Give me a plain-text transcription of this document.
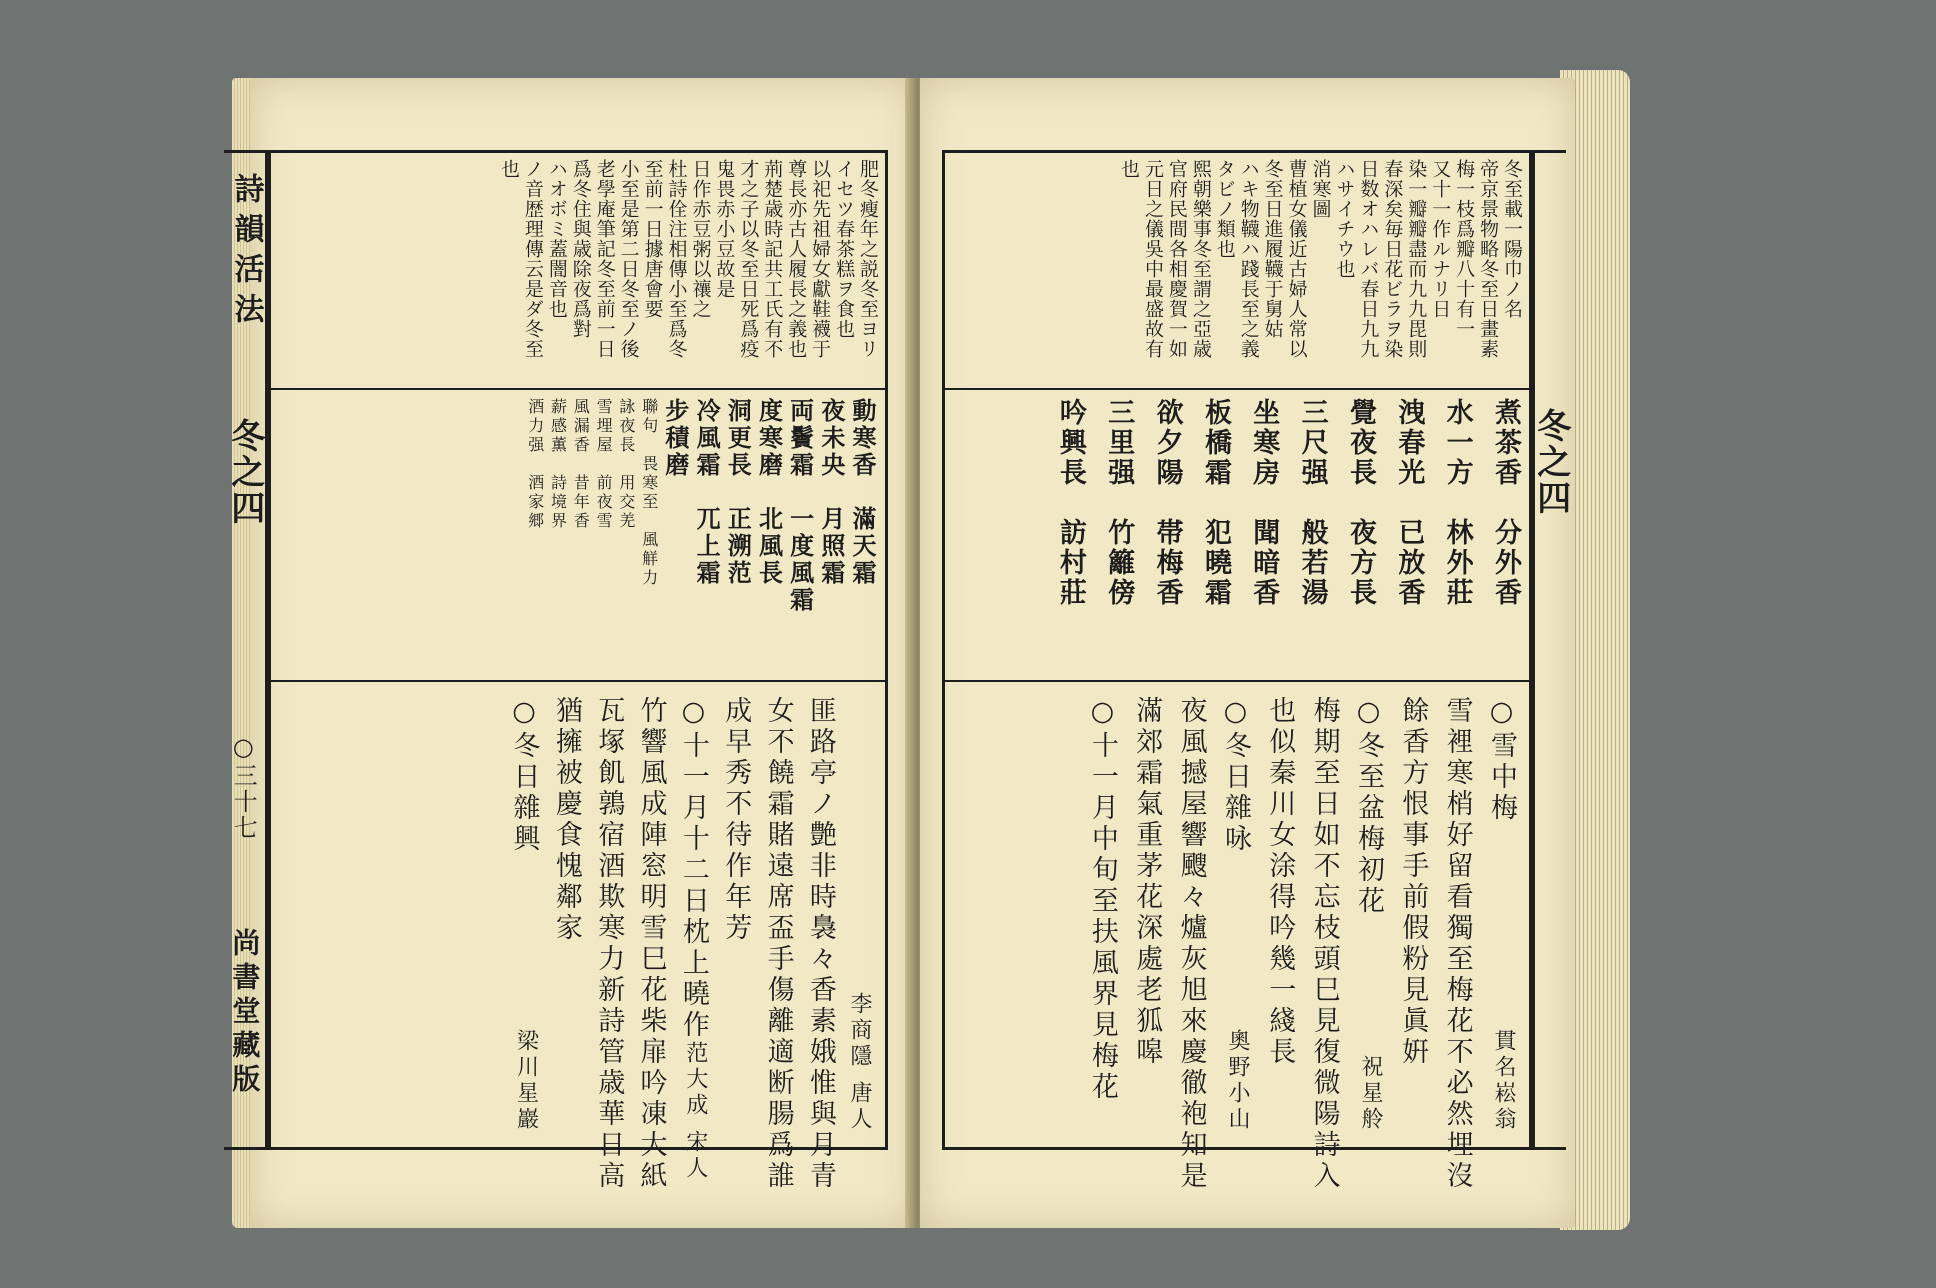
詩韻活法
冬之四
○三十七
尚書堂藏版
肥冬瘦年之説冬至ヨリ
イセツ春茶糕ヲ食也
以祀先祖婦女獻鞋襪于
尊長亦古人履長之義也
荊楚歳時記共工氏有不
才之子以冬至日死爲疫
鬼畏赤小豆故是
日作赤豆粥以禳之
杜詩佺注相傳小至爲冬
至前一日據唐會要
小至是第二日冬至ノ後
老學庵筆記冬至前一日
爲冬住與歳除夜爲對
ハオボミ蓋闇音也
ノ音歴理傳云是ダ冬至
也
動寒香　滿天霜
夜未央　月照霜
両鬢霜　一度風霜
度寒磨　北風長
洞更長　正溯范
冷風霜　兀上霜
步積磨
聯句　畏寒至　風觧力
詠夜長　用交羌
雪埋屋　前夜雪
風漏香　昔年香
薪感薫　詩境界
酒力强　酒家郷
李商隱 唐人
匪路亭ノ艶非時裊々香素娥惟與月青
女不饒霜賭遠席盃手傷離適断腸爲誰
成早秀不待作年芳
○十一月十二日枕上曉作
范大成 宋人
竹響風成陣窓明雪巳花柴扉吟凍大紙
瓦塚飢鶉宿酒欺寒力新詩管歳華日高
猶擁被慶食愧鄰家
○冬日雜興
梁川星巖
冬之四
冬至載一陽巾ノ名
帝京景物略冬至日畫素
梅一枝爲瓣八十有一
又十一作ルナリ日
染一瓣瓣盡而九九毘則
春深矣毎日花ビラヲ染
日数オハレバ春日九九
ハサイチウ也
消寒圖
曹植女儀近古婦人常以
冬至日進履韈于舅姑
ハキ物韈ハ踐長至之義
タビノ類也
熙朝樂事冬至謂之亞歳
官府民間各相慶賀一如
元日之儀吳中最盛故有
也
煮茶香　分外香
水一方　林外莊
洩春光　已放香
覺夜長　夜方長
三尺强　般若湯
坐寒房　聞暗香
板橋霜　犯曉霜
欲夕陽　帯梅香
三里强　竹籬傍
吟興長　訪村莊
○雪中梅
貫名崧翁
雪裡寒梢好留看獨至梅花不必然埋沒
餘香方恨事手前假粉見眞姸
○冬至盆梅初花
祝星舲
梅期至日如不忘枝頭巳見復微陽詩入
也似秦川女涂得吟幾一綫長
○冬日雜咏
奧野小山
夜風撼屋響颼々爐灰旭來慶徹袍知是
滿郊霜氣重茅花深處老狐嗥
○十一月中旬至扶風界見梅花
